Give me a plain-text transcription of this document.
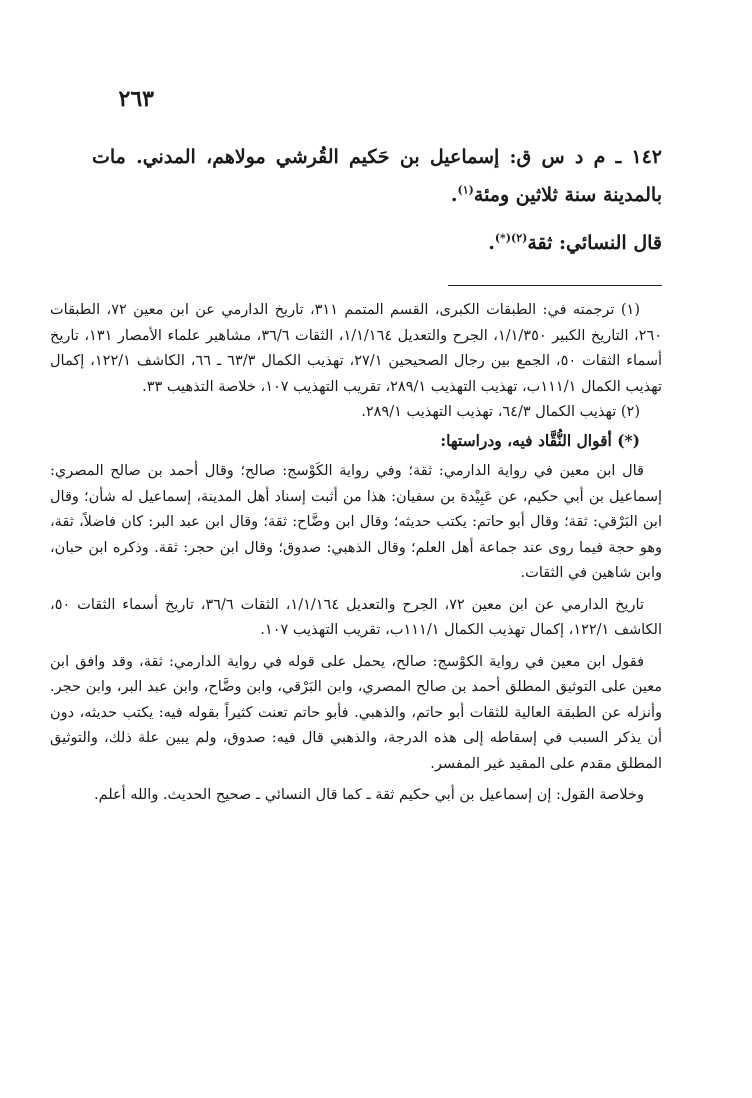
٢٦٣

١٤٢ ـ م د س ق: إسماعيل بن حَكيم القُرشي مولاهم، المدني. مات بالمدينة سنة ثلاثين ومئة$^{(١)}$.

قال النسائي: ثقة$^{(٢)(*)}$.

(١) ترجمته في: الطبقات الكبرى، القسم المتمم ٣١١، تاريخ الدارمي عن ابن معين ٧٢، الطبقات ٢٦٠، التاريخ الكبير ١/١/٣٥٠، الجرح والتعديل ١/١/١٦٤، الثقات ٣٦/٦، مشاهير علماء الأمصار ١٣١، تاريخ أسماء الثقات ٥٠، الجمع بين رجال الصحيحين ٢٧/١، تهذيب الكمال ٦٣/٣ ـ ٦٦، الكاشف ١٢٢/١، إكمال تهذيب الكمال ١١١/١ب، تهذيب التهذيب ٢٨٩/١، تقريب التهذيب ١٠٧، خلاصة التذهيب ٣٣.

(٢) تهذيب الكمال ٦٤/٣، تهذيب التهذيب ٢٨٩/١.

(*) أقوال النُّقَّاد فيه، ودراستها:

قال ابن معين في رواية الدارمي: ثقة؛ وفي رواية الكَوْسج: صالح؛ وقال أحمد بن صالح المصري: إسماعيل بن أبي حكيم، عن عَبِيْدة بن سفيان: هذا من أثبت إسناد أهل المدينة، إسماعيل له شأن؛ وقال ابن البَرْقي: ثقة؛ وقال أبو حاتم: يكتب حديثه؛ وقال ابن وضَّاح: ثقة؛ وقال ابن عبد البر: كان فاضلاً، ثقة، وهو حجة فيما روى عند جماعة أهل العلم؛ وقال الذهبي: صدوق؛ وقال ابن حجر: ثقة. وذكره ابن حبان، وابن شاهين في الثقات.

تاريخ الدارمي عن ابن معين ٧٢، الجرح والتعديل ١/١/١٦٤، الثقات ٣٦/٦، تاريخ أسماء الثقات ٥٠، الكاشف ١٢٢/١، إكمال تهذيب الكمال ١١١/١ب، تقريب التهذيب ١٠٧.

فقول ابن معين في رواية الكوْسج: صالح، يحمل على قوله في رواية الدارمي: ثقة، وقد وافق ابن معين على التوثيق المطلق أحمد بن صالح المصري، وابن البَرْقي، وابن وضَّاح، وابن عبد البر، وابن حجر. وأنزله عن الطبقة العالية للثقات أبو حاتم، والذهبي. فأبو حاتم تعنت كثيراً بقوله فيه: يكتب حديثه، دون أن يذكر السبب في إسقاطه إلى هذه الدرجة، والذهبي قال فيه: صدوق، ولم يبين علة ذلك، والتوثيق المطلق مقدم على المقيد غير المفسر.

وخلاصة القول: إن إسماعيل بن أبي حكيم ثقة ـ كما قال النسائي ـ صحيح الحديث. والله أعلم.
